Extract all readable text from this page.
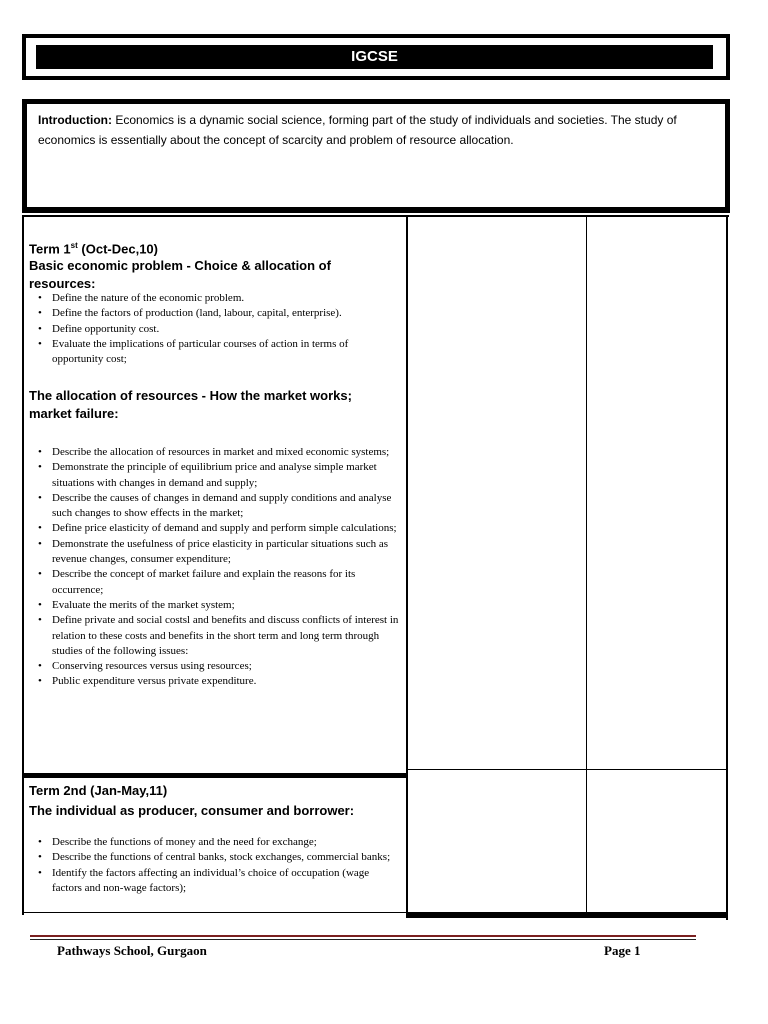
IGCSE
Introduction: Economics is a dynamic social science, forming part of the study of individuals and societies. The study of economics is essentially about the concept of scarcity and problem of resource allocation.
Term 1st (Oct-Dec,10)
Basic economic problem - Choice & allocation of resources:
• Define the nature of the economic problem.
• Define the factors of production (land, labour, capital, enterprise).
• Define opportunity cost.
• Evaluate the implications of particular courses of action in terms of opportunity cost;
The allocation of resources - How the market works; market failure:
• Describe the allocation of resources in market and mixed economic systems;
• Demonstrate the principle of equilibrium price and analyse simple market situations with changes in demand and supply;
• Describe the causes of changes in demand and supply conditions and analyse such changes to show effects in the market;
• Define price elasticity of demand and supply and perform simple calculations;
• Demonstrate the usefulness of price elasticity in particular situations such as revenue changes, consumer expenditure;
• Describe the concept of market failure and explain the reasons for its occurrence;
• Evaluate the merits of the market system;
• Define private and social costsl and benefits and discuss conflicts of interest in relation to these costs and benefits in the short term and long term through studies of the following issues:
• Conserving resources versus using resources;
• Public expenditure versus private expenditure.
Term 2nd (Jan-May,11)
The individual as producer, consumer and borrower:
• Describe the functions of money and the need for exchange;
• Describe the functions of central banks, stock exchanges, commercial banks;
• Identify the factors affecting an individual’s choice of occupation (wage factors and non-wage factors);
Pathways School, Gurgaon	Page 1
